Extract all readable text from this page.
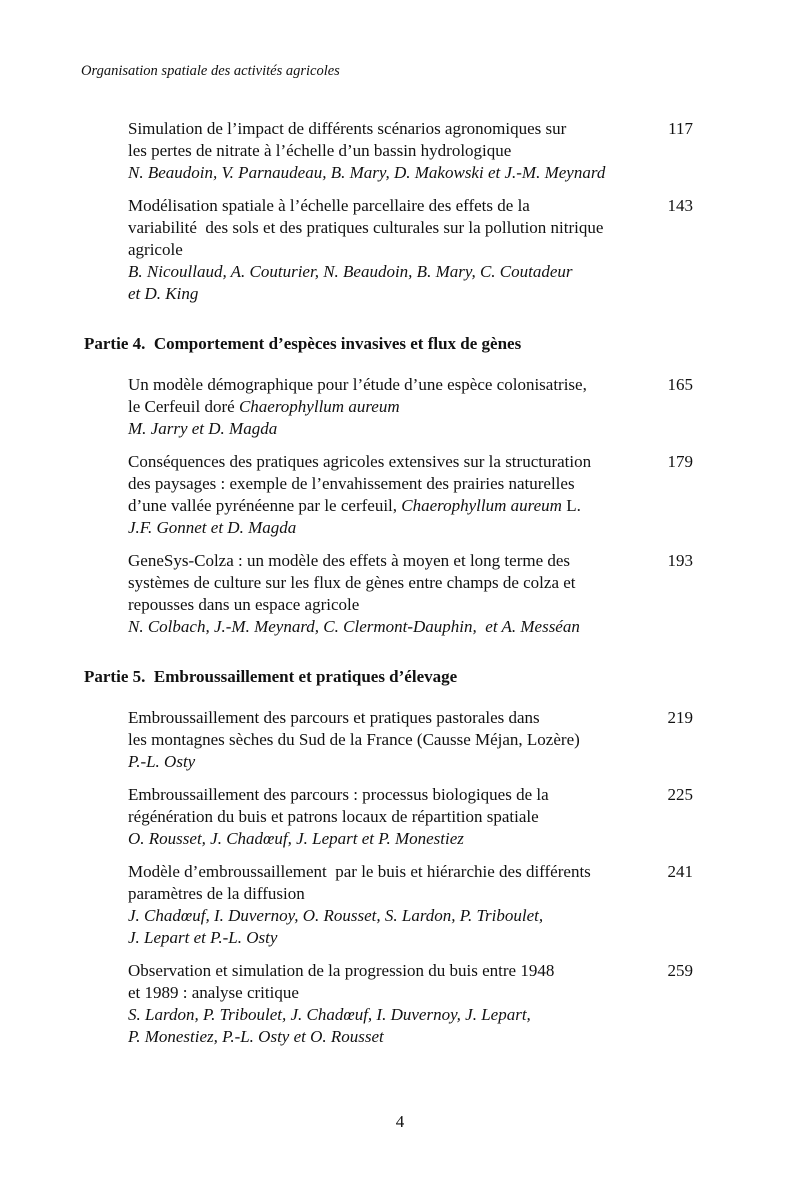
Organisation spatiale des activités agricoles
Simulation de l’impact de différents scénarios agronomiques sur
les pertes de nitrate à l’échelle d’un bassin hydrologique
N. Beaudoin, V. Parnaudeau, B. Mary, D. Makowski et J.-M. Meynard
117
Modélisation spatiale à l’échelle parcellaire des effets de la
variabilité  des sols et des pratiques culturales sur la pollution nitrique
agricole
B. Nicoullaud, A. Couturier, N. Beaudoin, B. Mary, C. Coutadeur
et D. King
143
Partie 4.  Comportement d’espèces invasives et flux de gènes
Un modèle démographique pour l’étude d’une espèce colonisatrise,
le Cerfeuil doré Chaerophyllum aureum
M. Jarry et D. Magda
165
Conséquences des pratiques agricoles extensives sur la structuration
des paysages : exemple de l’envahissement des prairies naturelles
d’une vallée pyrénéenne par le cerfeuil, Chaerophyllum aureum L.
J.F. Gonnet et D. Magda
179
GeneSys-Colza : un modèle des effets à moyen et long terme des
systèmes de culture sur les flux de gènes entre champs de colza et
repousses dans un espace agricole
N. Colbach, J.-M. Meynard, C. Clermont-Dauphin,  et A. Messéan
193
Partie 5.  Embroussaillement et pratiques d’élevage
Embroussaillement des parcours et pratiques pastorales dans
les montagnes sèches du Sud de la France (Causse Méjan, Lozère)
P.-L. Osty
219
Embroussaillement des parcours : processus biologiques de la
régénération du buis et patrons locaux de répartition spatiale
O. Rousset, J. Chadœuf, J. Lepart et P. Monestiez
225
Modèle d’embroussaillement  par le buis et hiérarchie des différents
paramètres de la diffusion
J. Chadœuf, I. Duvernoy, O. Rousset, S. Lardon, P. Triboulet,
J. Lepart et P.-L. Osty
241
Observation et simulation de la progression du buis entre 1948
et 1989 : analyse critique
S. Lardon, P. Triboulet, J. Chadœuf, I. Duvernoy, J. Lepart,
P. Monestiez, P.-L. Osty et O. Rousset
259
4
